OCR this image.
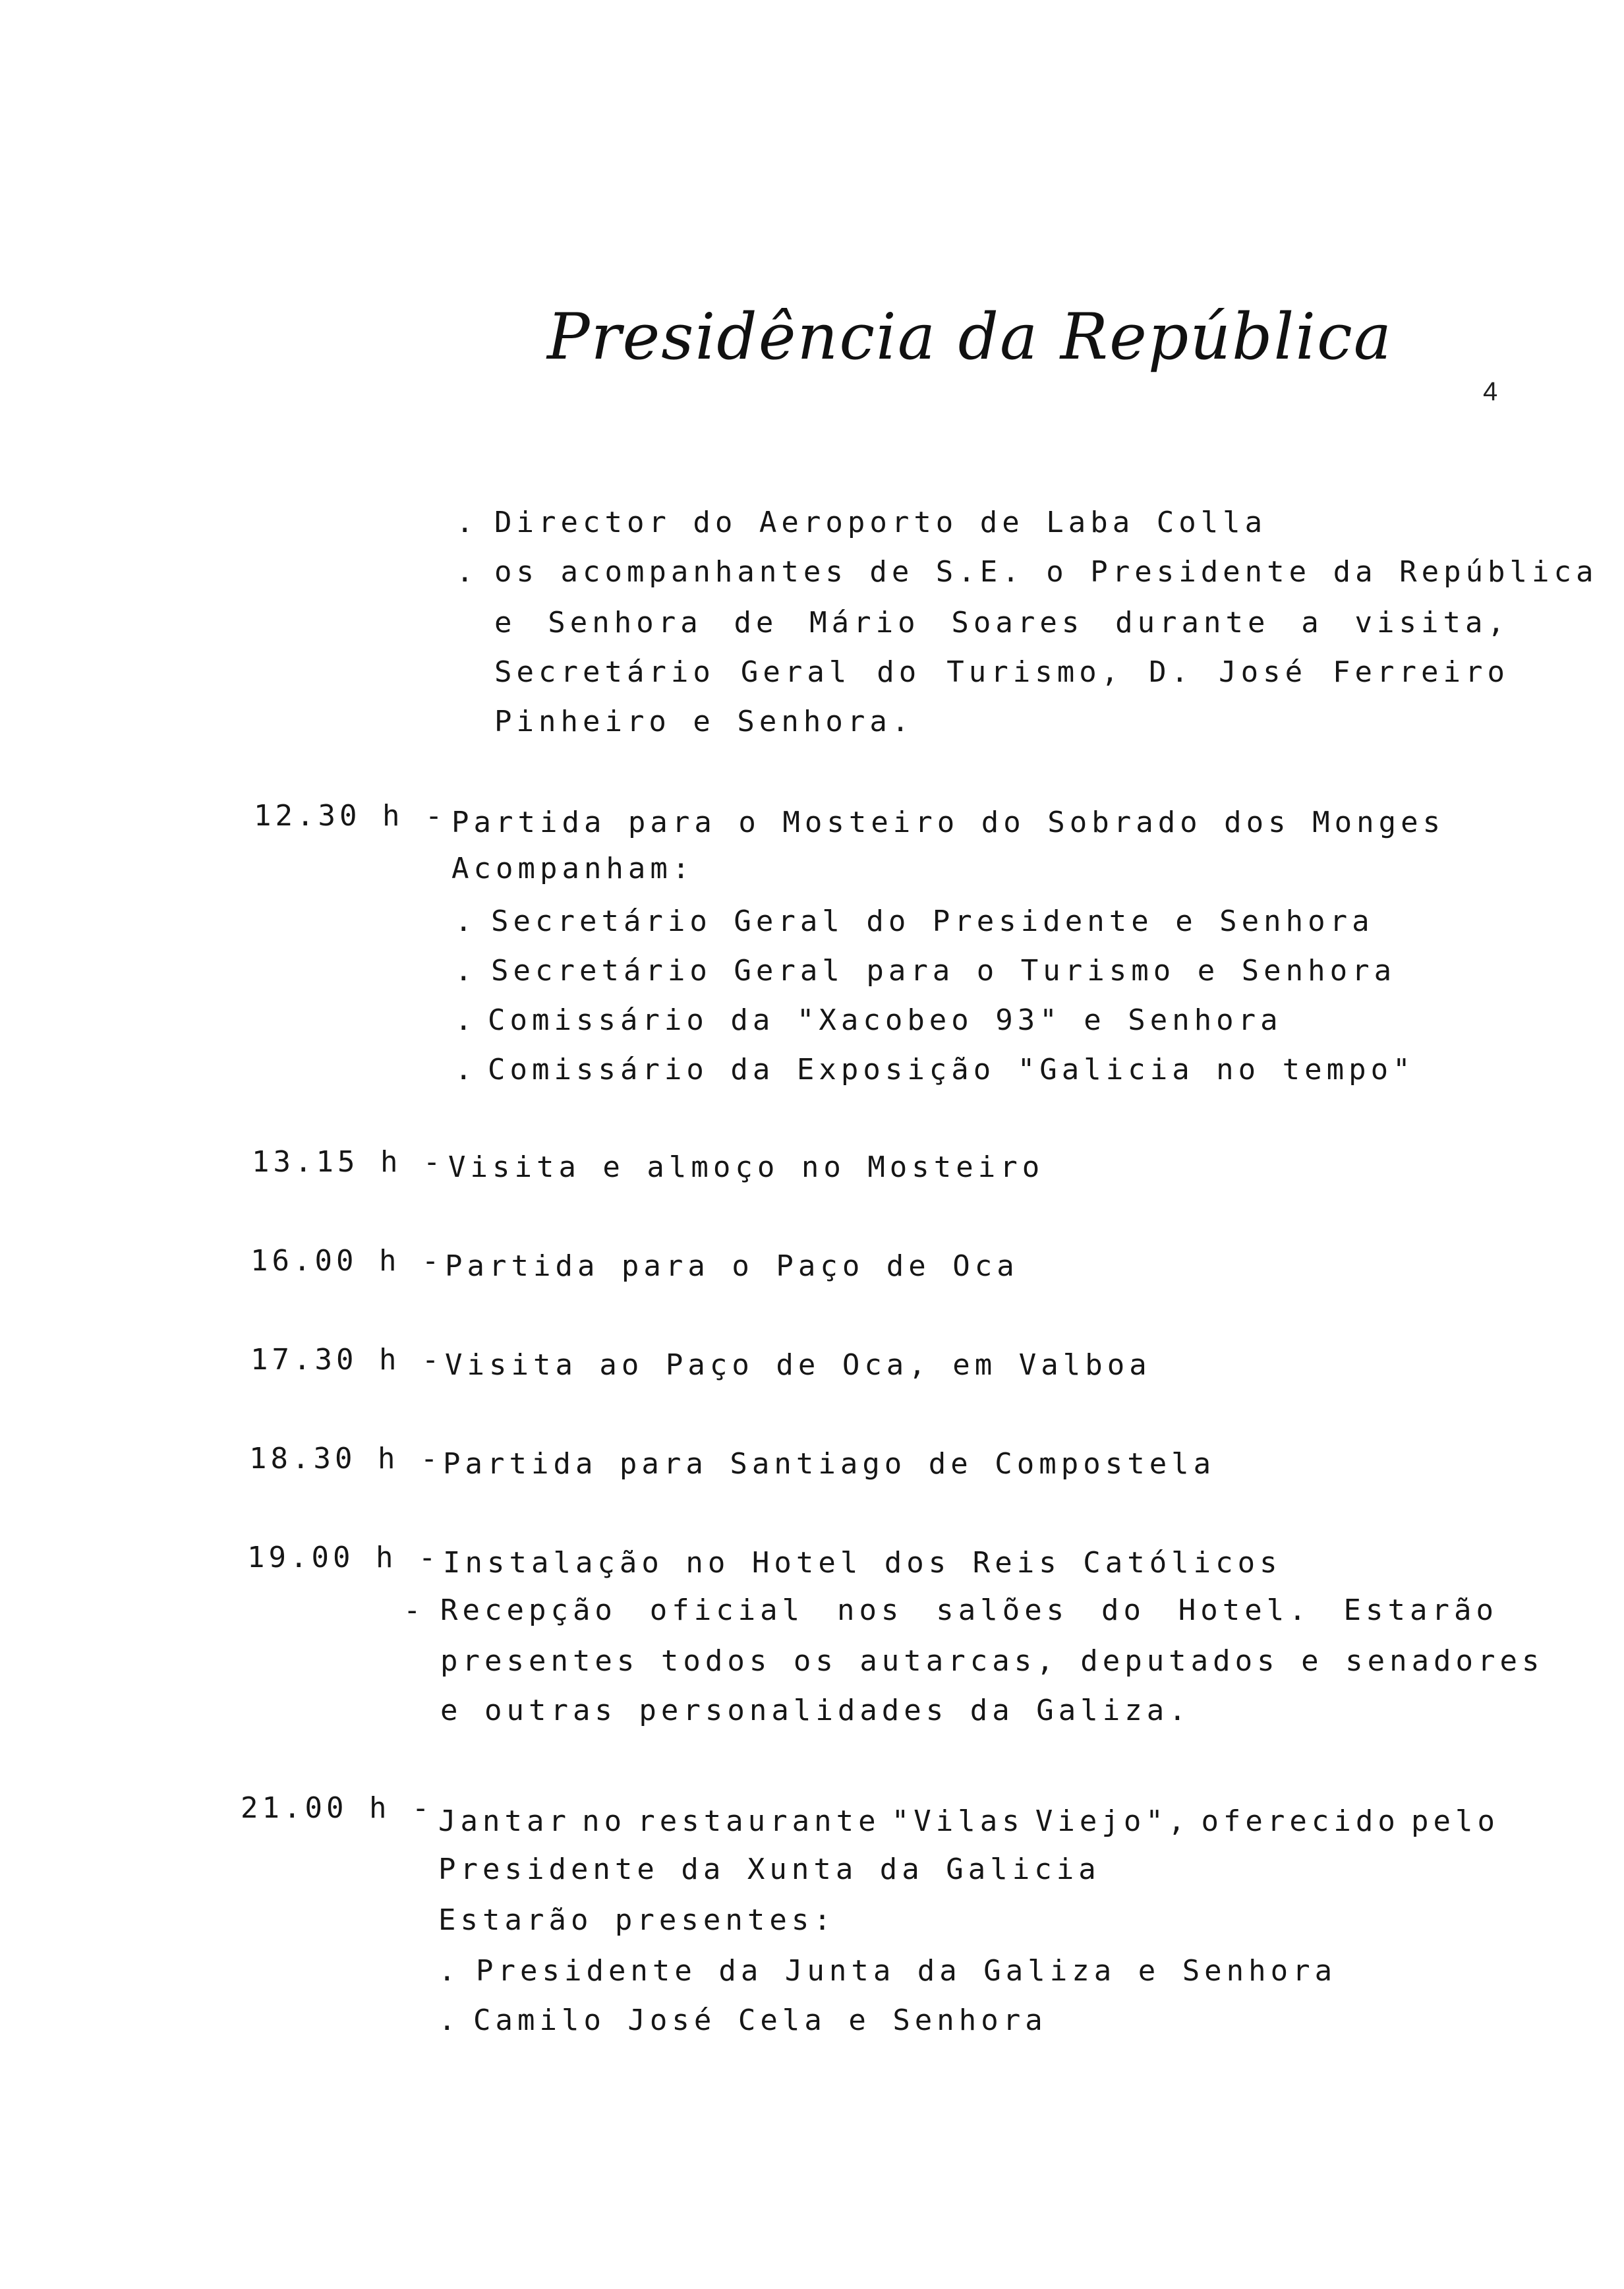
Presidência da República
4
. Director do Aeroporto de Laba Colla
. os acompanhantes de S.E. o Presidente da República
e Senhora de Mário Soares durante a visita,
Secretário Geral do Turismo, D. José Ferreiro
Pinheiro e Senhora.
12.30 h - Partida para o Mosteiro do Sobrado dos Monges
Acompanham:
. Secretário Geral do Presidente e Senhora
. Secretário Geral para o Turismo e Senhora
. Comissário da "Xacobeo 93" e Senhora
. Comissário da Exposição "Galicia no tempo"
13.15 h - Visita e almoço no Mosteiro
16.00 h - Partida para o Paço de Oca
17.30 h - Visita ao Paço de Oca, em Valboa
18.30 h - Partida para Santiago de Compostela
19.00 h - Instalação no Hotel dos Reis Católicos
- Recepção oficial nos salões do Hotel. Estarão
presentes todos os autarcas, deputados e senadores
e outras personalidades da Galiza.
21.00 h - Jantar no restaurante "Vilas Viejo", oferecido pelo
Presidente da Xunta da Galicia
Estarão presentes:
. Presidente da Junta da Galiza e Senhora
. Camilo José Cela e Senhora
